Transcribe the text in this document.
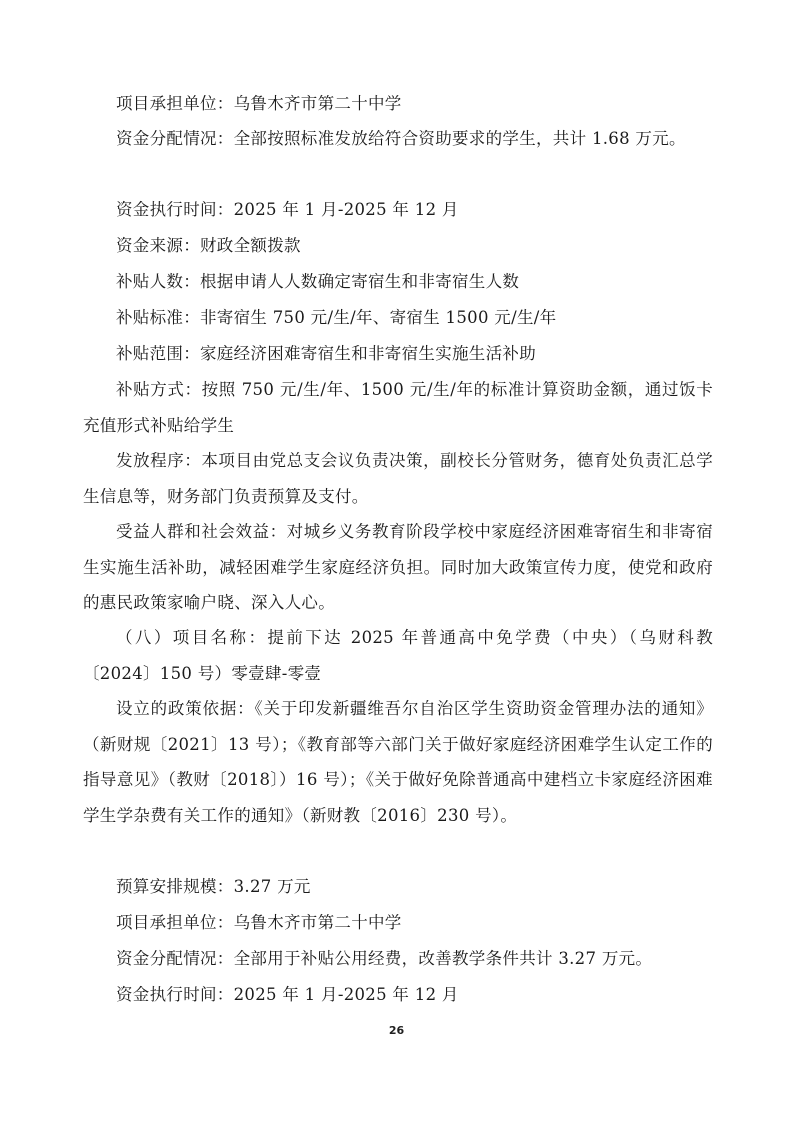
项目承担单位：乌鲁木齐市第二十中学

资金分配情况：全部按照标准发放给符合资助要求的学生，共计 1.68 万元。

资金执行时间：2025 年 1 月-2025 年 12 月

资金来源：财政全额拨款

补贴人数：根据申请人人数确定寄宿生和非寄宿生人数

补贴标准：非寄宿生 750 元/生/年、寄宿生 1500 元/生/年

补贴范围：家庭经济困难寄宿生和非寄宿生实施生活补助

补贴方式：按照 750 元/生/年、1500 元/生/年的标准计算资助金额，通过饭卡充值形式补贴给学生

发放程序：本项目由党总支会议负责决策，副校长分管财务，德育处负责汇总学生信息等，财务部门负责预算及支付。

受益人群和社会效益：对城乡义务教育阶段学校中家庭经济困难寄宿生和非寄宿生实施生活补助，减轻困难学生家庭经济负担。同时加大政策宣传力度，使党和政府的惠民政策家喻户晓、深入人心。

（八）项目名称：提前下达 2025 年普通高中免学费（中央）（乌财科教〔2024〕150 号）零壹肆-零壹

设立的政策依据：《关于印发新疆维吾尔自治区学生资助资金管理办法的通知》（新财规〔2021〕13 号）；《教育部等六部门关于做好家庭经济困难学生认定工作的指导意见》（教财〔2018〕）16 号）；《关于做好免除普通高中建档立卡家庭经济困难学生学杂费有关工作的通知》（新财教〔2016〕230 号）。

预算安排规模：3.27 万元

项目承担单位：乌鲁木齐市第二十中学

资金分配情况：全部用于补贴公用经费，改善教学条件共计 3.27 万元。

资金执行时间：2025 年 1 月-2025 年 12 月

26
